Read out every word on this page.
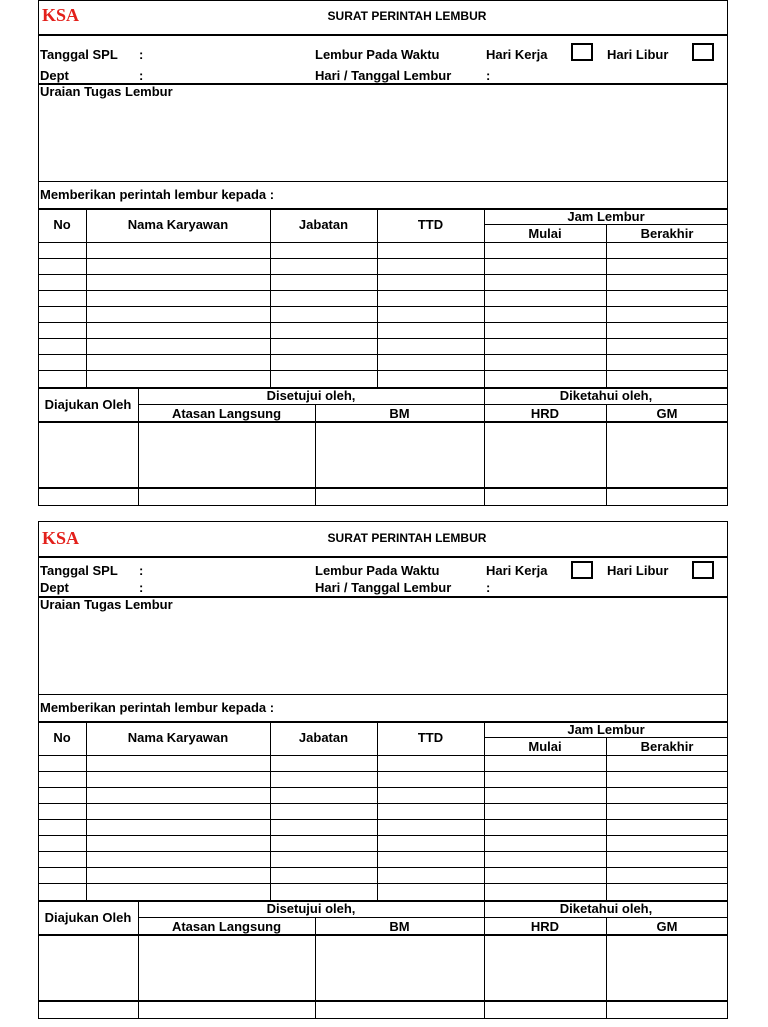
KSA	SURAT PERINTAH LEMBUR
Tanggal SPL :	Lembur Pada Waktu	Hari Kerja	Hari Libur
Dept	:	Hari / Tanggal Lembur	:
Uraian Tugas Lembur
Memberikan perintah lembur kepada :
No	Nama Karyawan	Jabatan	TTD
Jam Lembur
Mulai	Berakhir
Diajukan Oleh
Disetujui oleh,	Diketahui oleh,
Atasan Langsung	BM	HRD	GM
KSA	SURAT PERINTAH LEMBUR
Tanggal SPL :	Lembur Pada Waktu	Hari Kerja	Hari Libur
Dept	:	Hari / Tanggal Lembur	:
Uraian Tugas Lembur
Memberikan perintah lembur kepada :
No	Nama Karyawan	Jabatan	TTD
Jam Lembur
Mulai	Berakhir
Diajukan Oleh
Disetujui oleh,	Diketahui oleh,
Atasan Langsung	BM	HRD	GM
